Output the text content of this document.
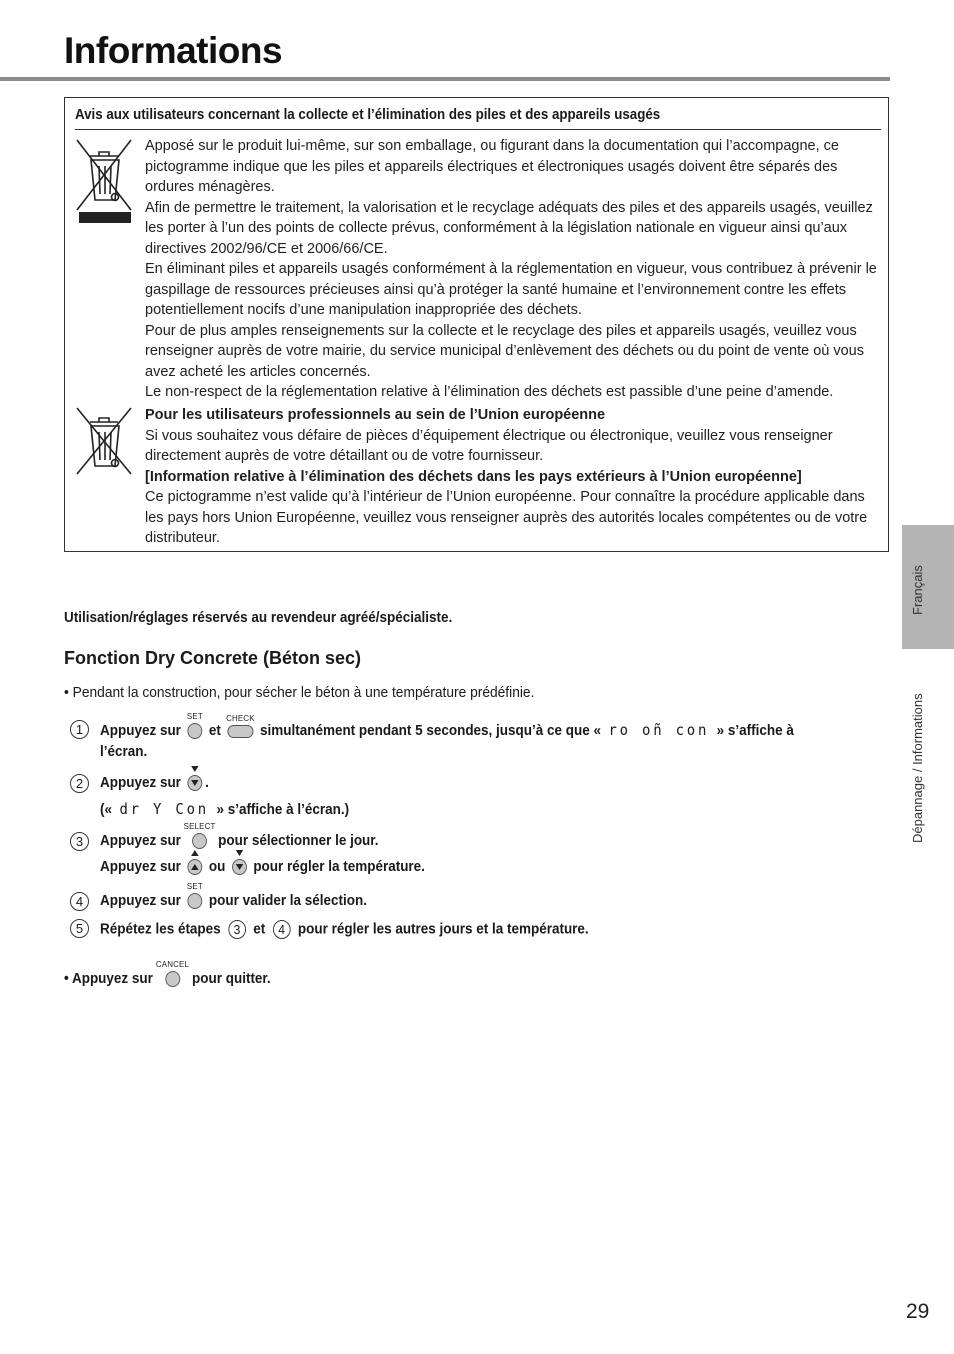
Informations
Avis aux utilisateurs concernant la collecte et l’élimination des piles et des appareils usagés

Apposé sur le produit lui-même, sur son emballage, ou figurant dans la documentation qui l’accompagne, ce pictogramme indique que les piles et appareils électriques et électroniques usagés doivent être séparés des ordures ménagères.

Afin de permettre le traitement, la valorisation et le recyclage adéquats des piles et des appareils usagés, veuillez les porter à l’un des points de collecte prévus, conformément à la législation nationale en vigueur ainsi qu’aux directives 2002/96/CE et 2006/66/CE.

En éliminant piles et appareils usagés conformément à la réglementation en vigueur, vous contribuez à prévenir le gaspillage de ressources précieuses ainsi qu’à protéger la santé humaine et l’environnement contre les effets potentiellement nocifs d’une manipulation inappropriée des déchets.

Pour de plus amples renseignements sur la collecte et le recyclage des piles et appareils usagés, veuillez vous renseigner auprès de votre mairie, du service municipal d’enlèvement des déchets ou du point de vente où vous avez acheté les articles concernés.

Le non-respect de la réglementation relative à l’élimination des déchets est passible d’une peine d’amende.

Pour les utilisateurs professionnels au sein de l’Union européenne

Si vous souhaitez vous défaire de pièces d’équipement électrique ou électronique, veuillez vous renseigner directement auprès de votre détaillant ou de votre fournisseur.

[Information relative à l’élimination des déchets dans les pays extérieurs à l’Union européenne]

Ce pictogramme n’est valide qu’à l’intérieur de l’Union européenne. Pour connaître la procédure applicable dans les pays hors Union Européenne, veuillez vous renseigner auprès des autorités locales compétentes ou de votre distributeur.

Français
Dépannage / Informations
Utilisation/réglages réservés au revendeur agréé/spécialiste.
Fonction Dry Concrete (Béton sec)
• Pendant la construction, pour sécher le béton à une température prédéfinie.
1	Appuyez sur
SET
et
CHECK
simultanément pendant 5 secondes, jusqu’à ce que « ro oñ con » s’affiche à
l’écran.
2	Appuyez sur .
(« dr Y Con » s’affiche à l’écran.)
3	Appuyez sur
SELECT
pour sélectionner le jour.
Appuyez sur ou pour régler la température.
4	Appuyez sur
SET
pour valider la sélection.
5	Répétez les étapes 3 et 4 pour régler les autres jours et la température.
• Appuyez sur
CANCEL
pour quitter.
29
